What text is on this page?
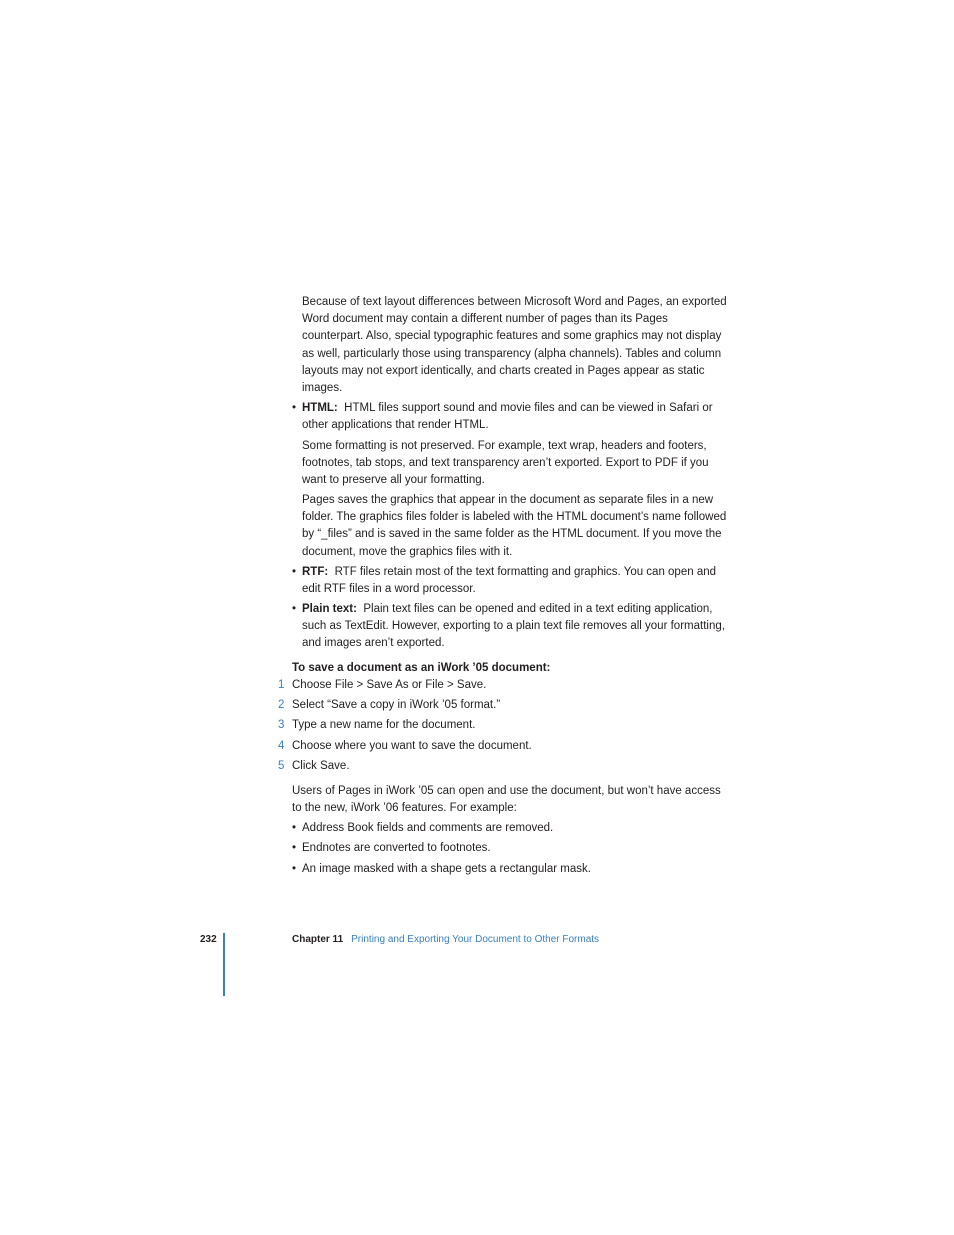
Because of text layout differences between Microsoft Word and Pages, an exported Word document may contain a different number of pages than its Pages counterpart. Also, special typographic features and some graphics may not display as well, particularly those using transparency (alpha channels). Tables and column layouts may not export identically, and charts created in Pages appear as static images.

• HTML: HTML files support sound and movie files and can be viewed in Safari or other applications that render HTML.

Some formatting is not preserved. For example, text wrap, headers and footers, footnotes, tab stops, and text transparency aren’t exported. Export to PDF if you want to preserve all your formatting.

Pages saves the graphics that appear in the document as separate files in a new folder. The graphics files folder is labeled with the HTML document’s name followed by “_files” and is saved in the same folder as the HTML document. If you move the document, move the graphics files with it.

• RTF: RTF files retain most of the text formatting and graphics. You can open and edit RTF files in a word processor.
• Plain text: Plain text files can be opened and edited in a text editing application, such as TextEdit. However, exporting to a plain text file removes all your formatting, and images aren’t exported.

To save a document as an iWork ’05 document:

1 Choose File > Save As or File > Save.

2 Select “Save a copy in iWork ’05 format.”

3 Type a new name for the document.

4 Choose where you want to save the document.

5 Click Save.

Users of Pages in iWork ’05 can open and use the document, but won’t have access to the new, iWork ’06 features. For example:

• Address Book fields and comments are removed.
• Endnotes are converted to footnotes.
• An image masked with a shape gets a rectangular mask.
232	Chapter 11 Printing and Exporting Your Document to Other Formats
